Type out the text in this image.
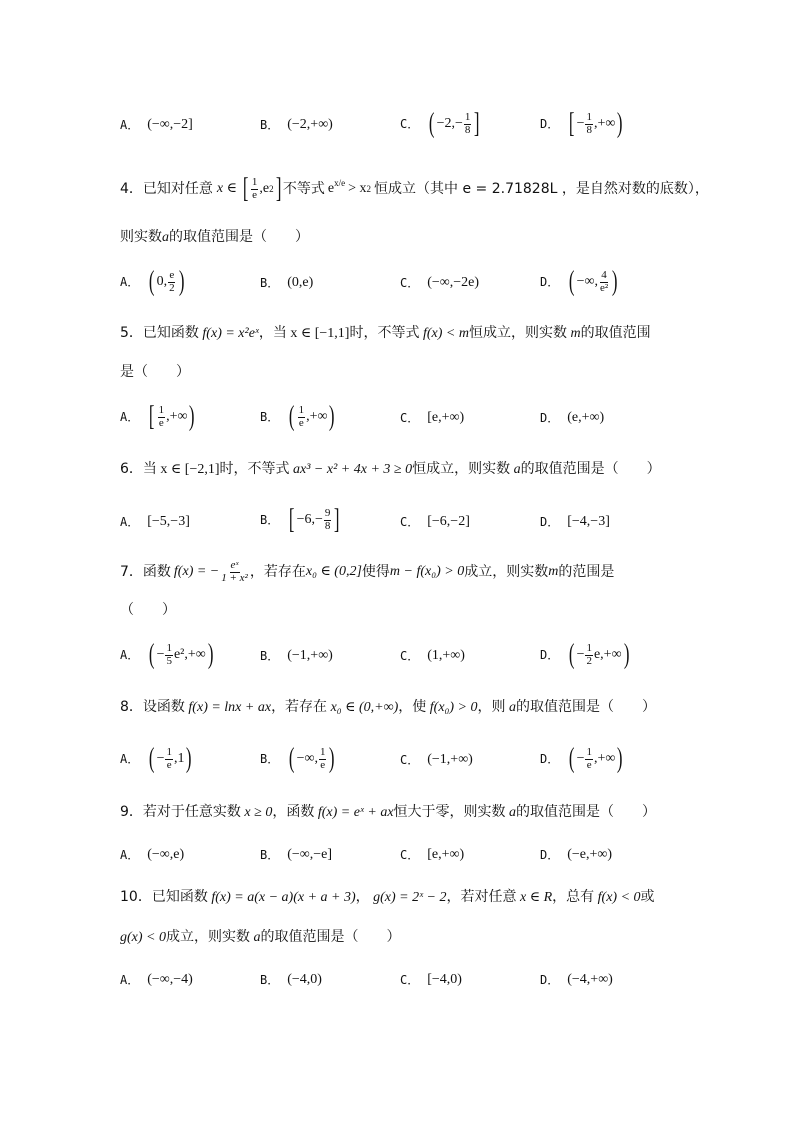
A． (−∞,−2]	B． (−2,+∞)	C． ( $-2,- \frac{1}{8}$ ]	D． [ − $\frac{1}{8}$ ,+∞ )
4． 已知对任意 x ∈ [ $\frac{1}{e} ,e$ 2 ] 不等式 $e^{x/e} > x$ 2 恒成立（其中 e = 2.71828L ，是自然对数的底数），
则实数a的取值范围是（　　）
A． ( 0, $\frac{e}{2}$ )	B． (0,e)	C． (−∞,−2e)	D． ( −∞, $\frac{4}{\text{e²}}$ )
5．已知函数 f(x) = x²eˣ，当 x ∈ [−1,1]时，不等式 f(x) < m恒成立，则实数 m的取值范围
是（　　）
A． [ $\frac{1}{e}$ ,+∞ )	B． ( $\frac{1}{e}$ ,+∞ )	C． [e,+∞)	D． (e,+∞)
6．当 x ∈ [−2,1]时，不等式 ax³ − x² + 4x + 3 ≥ 0恒成立，则实数 a的取值范围是（　　）
A． [−5,−3]	B． [ $-6,- \frac{9}{8}$ ]	C． [−6,−2]	D． [−4,−3]
7． 函数 f(x) = − $\frac{\text{eˣ}}{\text{1 + x²}}$ ，若存在 x₀ ∈ (0,2] 使得 m − f(x₀) > 0 成立，则实数 m 的范围是
（　　）
A． ( − $\frac{1}{5} e^2,+\infty$ )	B． (−1,+∞)	C． (1,+∞)	D． ( − $\frac{1}{2} e,+\infty$ )
8．设函数 f(x) = lnx + ax，若存在 x₀ ∈ (0,+∞)，使 f(x₀) > 0，则 a的取值范围是（　　）
A． ( − $\frac{1}{e} ,1$ )	B． ( −∞, $\frac{1}{e}$ )	C． (−1,+∞)	D． ( − $\frac{1}{e}$ ,+∞ )
9．若对于任意实数 x ≥ 0，函数 f(x) = eˣ + ax恒大于零，则实数 a的取值范围是（　　）
A． (−∞,e)	B． (−∞,−e]	C． [e,+∞)	D． (−e,+∞)
10．已知函数 f(x) = a(x − a)(x + a + 3)， g(x) = 2ˣ − 2，若对任意 x ∈ R，总有 f(x) < 0或
g(x) < 0成立，则实数 a的取值范围是（　　）
A． (−∞,−4)	B． (−4,0)	C． [−4,0)	D． (−4,+∞)
